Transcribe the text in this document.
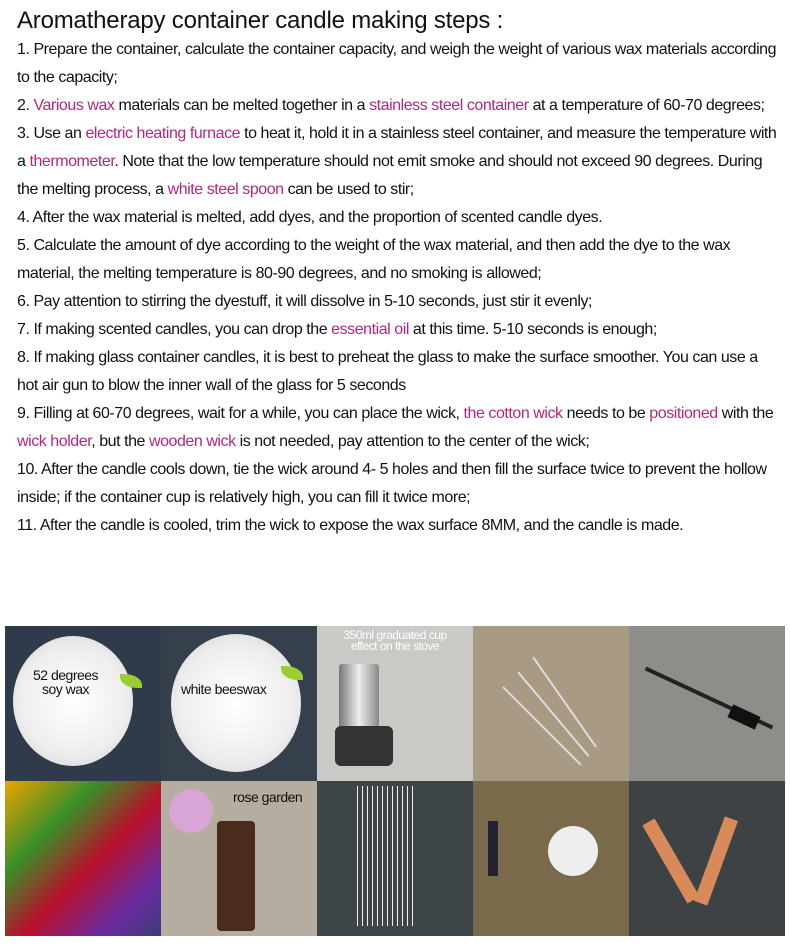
Aromatherapy container candle making steps :

1. Prepare the container, calculate the container capacity, and weigh the weight of various wax materials according to the capacity;

2. Various wax materials can be melted together in a stainless steel container at a temperature of 60-70 degrees;

3. Use an electric heating furnace to heat it, hold it in a stainless steel container, and measure the temperature with a thermometer. Note that the low temperature should not emit smoke and should not exceed 90 degrees. During the melting process, a white steel spoon can be used to stir;

4. After the wax material is melted, add dyes, and the proportion of scented candle dyes.

5. Calculate the amount of dye according to the weight of the wax material, and then add the dye to the wax material, the melting temperature is 80-90 degrees, and no smoking is allowed;

6. Pay attention to stirring the dyestuff, it will dissolve in 5-10 seconds, just stir it evenly;

7. If making scented candles, you can drop the essential oil at this time. 5-10 seconds is enough;

8. If making glass container candles, it is best to preheat the glass to make the surface smoother. You can use a hot air gun to blow the inner wall of the glass for 5 seconds

9. Filling at 60-70 degrees, wait for a while, you can place the wick, the cotton wick needs to be positioned with the wick holder, but the wooden wick is not needed, pay attention to the center of the wick;

10. After the candle cools down, tie the wick around 4- 5 holes and then fill the surface twice to prevent the hollow inside; if the container cup is relatively high, you can fill it twice more;

11. After the candle is cooled, trim the wick to expose the wax surface 8MM, and the candle is made.

52 degrees
soy wax	white beeswax
350ml graduated cup
effect on the stove
rose garden
